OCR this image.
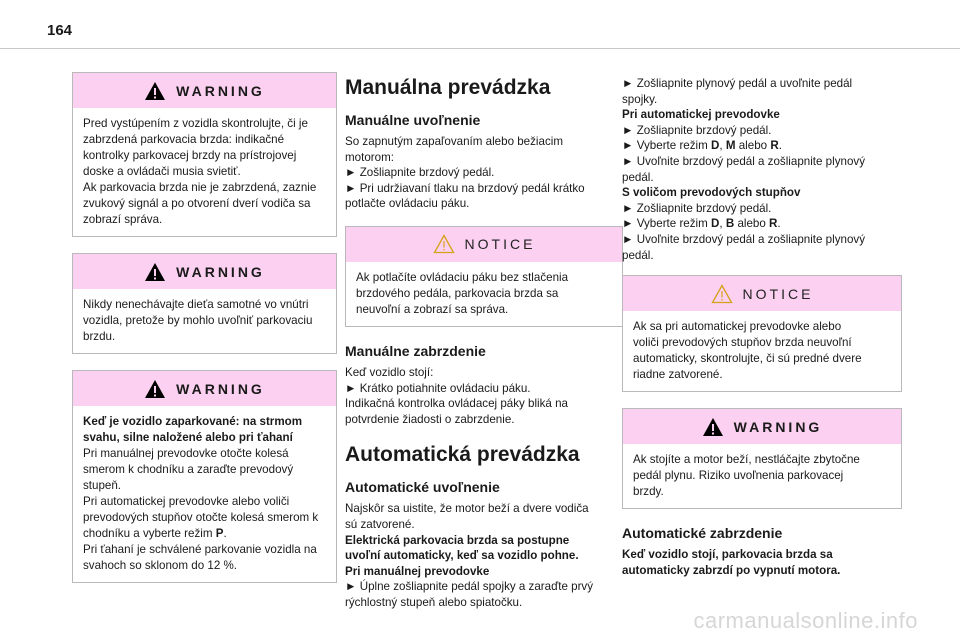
164
WARNING
Pred vystúpením z vozidla skontrolujte, či je
zabrzdená parkovacia brzda: indikačné
kontrolky parkovacej brzdy na prístrojovej
doske a ovládači musia svietiť.
Ak parkovacia brzda nie je zabrzdená, zaznie
zvukový signál a po otvorení dverí vodiča sa
zobrazí správa.
WARNING
Nikdy nenechávajte dieťa samotné vo vnútri
vozidla, pretože by mohlo uvoľniť parkovaciu
brzdu.
WARNING
Keď je vozidlo zaparkované: na strmom
svahu, silne naložené alebo pri ťahaní
Pri manuálnej prevodovke otočte kolesá
smerom k chodníku a zaraďte prevodový
stupeň.
Pri automatickej prevodovke alebo voliči
prevodových stupňov otočte kolesá smerom k
chodníku a vyberte režim P.
Pri ťahaní je schválené parkovanie vozidla na
svahoch so sklonom do 12 %.
Manuálna prevádzka
Manuálne uvoľnenie
So zapnutým zapaľovaním alebo bežiacim
motorom:
► Zošliapnite brzdový pedál.
► Pri udržiavaní tlaku na brzdový pedál krátko
potlačte ovládaciu páku.
NOTICE
Ak potlačíte ovládaciu páku bez stlačenia
brzdového pedála, parkovacia brzda sa
neuvoľní a zobrazí sa správa.
Manuálne zabrzdenie
Keď vozidlo stojí:
► Krátko potiahnite ovládaciu páku.
Indikačná kontrolka ovládacej páky bliká na
potvrdenie žiadosti o zabrzdenie.
Automatická prevádzka
Automatické uvoľnenie
Najskôr sa uistite, že motor beží a dvere vodiča
sú zatvorené.
Elektrická parkovacia brzda sa postupne
uvoľní automaticky, keď sa vozidlo pohne.
Pri manuálnej prevodovke
► Úplne zošliapnite pedál spojky a zaraďte prvý
rýchlostný stupeň alebo spiatočku.
► Zošliapnite plynový pedál a uvoľnite pedál
spojky.
Pri automatickej prevodovke
► Zošliapnite brzdový pedál.
► Vyberte režim D, M alebo R.
► Uvoľnite brzdový pedál a zošliapnite plynový
pedál.
S voličom prevodových stupňov
► Zošliapnite brzdový pedál.
► Vyberte režim D, B alebo R.
► Uvoľnite brzdový pedál a zošliapnite plynový
pedál.
NOTICE
Ak sa pri automatickej prevodovke alebo
voliči prevodových stupňov brzda neuvoľní
automaticky, skontrolujte, či sú predné dvere
riadne zatvorené.
WARNING
Ak stojíte a motor beží, nestláčajte zbytočne
pedál plynu. Riziko uvoľnenia parkovacej
brzdy.
Automatické zabrzdenie
Keď vozidlo stojí, parkovacia brzda sa
automaticky zabrzdí po vypnutí motora.
carmanualsonline.info
